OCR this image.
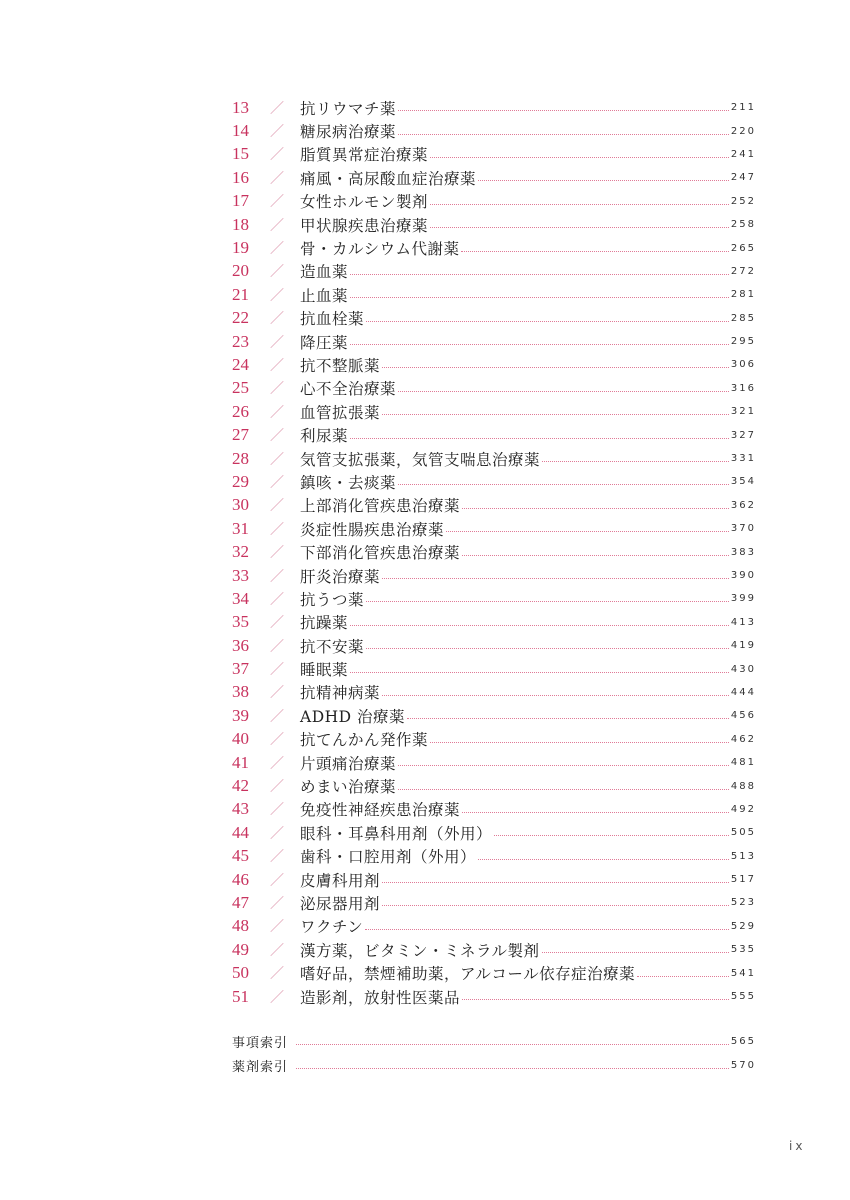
13	／	抗リウマチ薬	211
14	／	糖尿病治療薬	220
15	／	脂質異常症治療薬	241
16	／	痛風・高尿酸血症治療薬	247
17	／	女性ホルモン製剤	252
18	／	甲状腺疾患治療薬	258
19	／	骨・カルシウム代謝薬	265
20	／	造血薬	272
21	／	止血薬	281
22	／	抗血栓薬	285
23	／	降圧薬	295
24	／	抗不整脈薬	306
25	／	心不全治療薬	316
26	／	血管拡張薬	321
27	／	利尿薬	327
28	／	気管支拡張薬，気管支喘息治療薬	331
29	／	鎮咳・去痰薬	354
30	／	上部消化管疾患治療薬	362
31	／	炎症性腸疾患治療薬	370
32	／	下部消化管疾患治療薬	383
33	／	肝炎治療薬	390
34	／	抗うつ薬	399
35	／	抗躁薬	413
36	／	抗不安薬	419
37	／	睡眠薬	430
38	／	抗精神病薬	444
39	／	ADHD 治療薬	456
40	／	抗てんかん発作薬	462
41	／	片頭痛治療薬	481
42	／	めまい治療薬	488
43	／	免疫性神経疾患治療薬	492
44	／	眼科・耳鼻科用剤（外用）	505
45	／	歯科・口腔用剤（外用）	513
46	／	皮膚科用剤	517
47	／	泌尿器用剤	523
48	／	ワクチン	529
49	／	漢方薬，ビタミン・ミネラル製剤	535
50	／	嗜好品，禁煙補助薬，アルコール依存症治療薬	541
51	／	造影剤，放射性医薬品	555
事項索引	565
薬剤索引	570
ix
